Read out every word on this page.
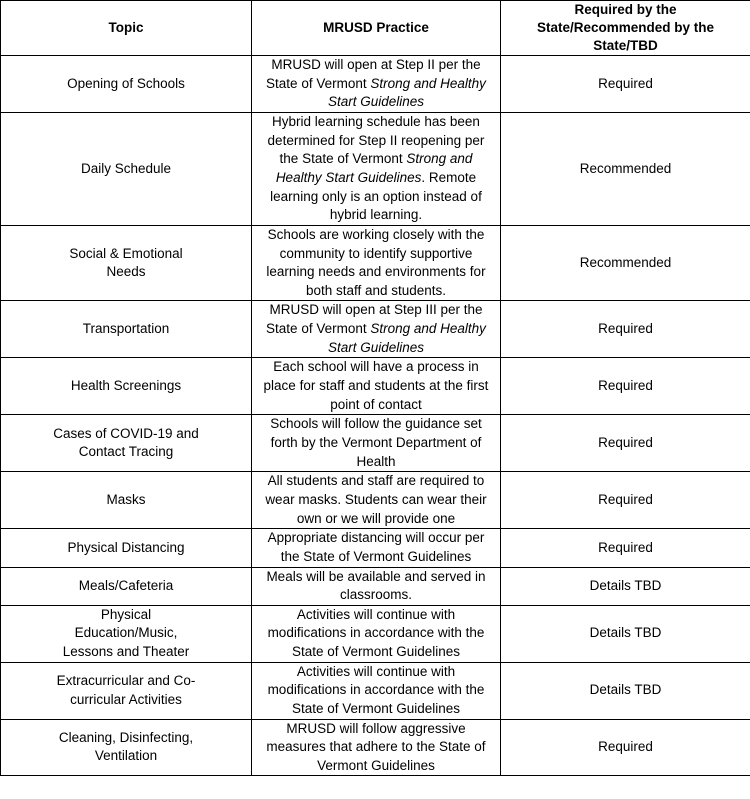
Topic	MRUSD Practice	Required by the State/Recommended by the State/TBD
Opening of Schools	MRUSD will open at Step II per the State of Vermont Strong and Healthy Start Guidelines	Required
Daily Schedule	Hybrid learning schedule has been determined for Step II reopening per the State of Vermont Strong and Healthy Start Guidelines. Remote learning only is an option instead of hybrid learning.	Recommended
Social & Emotional Needs	Schools are working closely with the community to identify supportive learning needs and environments for both staff and students.	Recommended
Transportation	MRUSD will open at Step III per the State of Vermont Strong and Healthy Start Guidelines	Required
Health Screenings	Each school will have a process in place for staff and students at the first point of contact	Required
Cases of COVID-19 and Contact Tracing	Schools will follow the guidance set forth by the Vermont Department of Health	Required
Masks	All students and staff are required to wear masks. Students can wear their own or we will provide one	Required
Physical Distancing	Appropriate distancing will occur per the State of Vermont Guidelines	Required
Meals/Cafeteria	Meals will be available and served in classrooms.	Details TBD
Physical Education/Music, Lessons and Theater	Activities will continue with modifications in accordance with the State of Vermont Guidelines	Details TBD
Extracurricular and Co-curricular Activities	Activities will continue with modifications in accordance with the State of Vermont Guidelines	Details TBD
Cleaning, Disinfecting, Ventilation	MRUSD will follow aggressive measures that adhere to the State of Vermont Guidelines	Required
